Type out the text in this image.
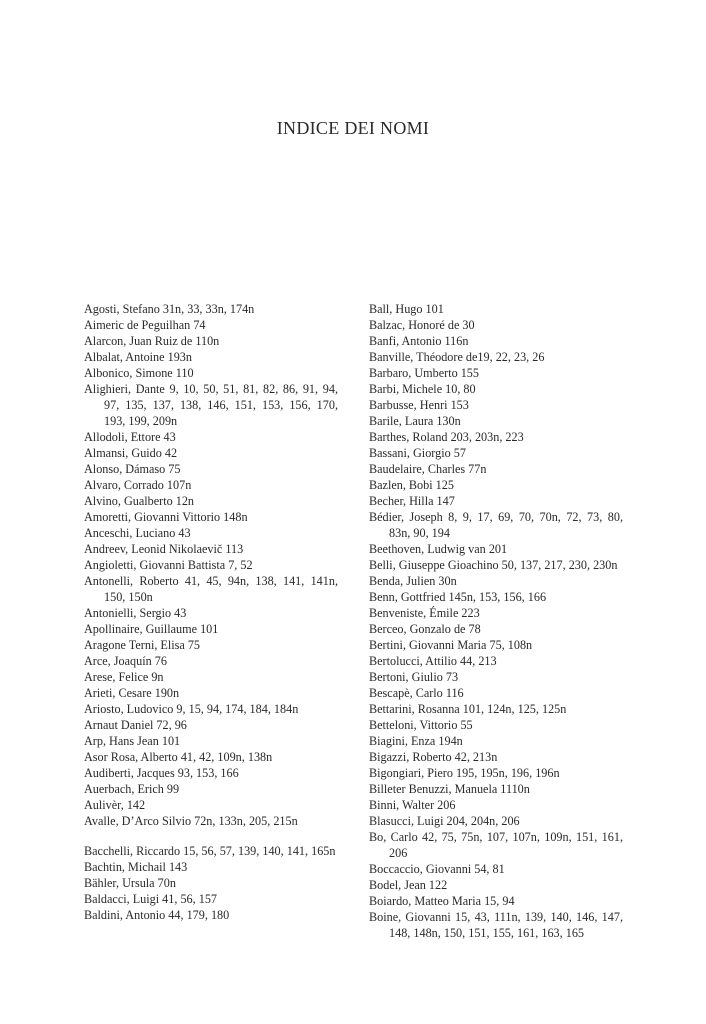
INDICE DEI NOMI

Agosti, Stefano 31n, 33, 33n, 174n

Aimeric de Peguilhan 74

Alarcon, Juan Ruiz de 110n

Albalat, Antoine 193n

Albonico, Simone 110

Alighieri, Dante 9, 10, 50, 51, 81, 82, 86, 91, 94, 97, 135, 137, 138, 146, 151, 153, 156, 170, 193, 199, 209n

Allodoli, Ettore 43

Almansi, Guido 42

Alonso, Dámaso 75

Alvaro, Corrado 107n

Alvino, Gualberto 12n

Amoretti, Giovanni Vittorio 148n

Anceschi, Luciano 43

Andreev, Leonid Nikolaevič 113

Angioletti, Giovanni Battista 7, 52

Antonelli, Roberto 41, 45, 94n, 138, 141, 141n, 150, 150n

Antonielli, Sergio 43

Apollinaire, Guillaume 101

Aragone Terni, Elisa 75

Arce, Joaquín 76

Arese, Felice 9n

Arieti, Cesare 190n

Ariosto, Ludovico 9, 15, 94, 174, 184, 184n

Arnaut Daniel 72, 96

Arp, Hans Jean 101

Asor Rosa, Alberto 41, 42, 109n, 138n

Audiberti, Jacques 93, 153, 166

Auerbach, Erich 99

Aulivèr, 142

Avalle, D’Arco Silvio 72n, 133n, 205, 215n

Bacchelli, Riccardo 15, 56, 57, 139, 140, 141, 165n

Bachtin, Michail 143

Bähler, Ursula 70n

Baldacci, Luigi 41, 56, 157

Baldini, Antonio 44, 179, 180

Ball, Hugo 101

Balzac, Honoré de 30

Banfi, Antonio 116n

Banville, Théodore de19, 22, 23, 26

Barbaro, Umberto 155

Barbi, Michele 10, 80

Barbusse, Henri 153

Barile, Laura 130n

Barthes, Roland 203, 203n, 223

Bassani, Giorgio 57

Baudelaire, Charles 77n

Bazlen, Bobi 125

Becher, Hilla 147

Bédier, Joseph 8, 9, 17, 69, 70, 70n, 72, 73, 80, 83n, 90, 194

Beethoven, Ludwig van 201

Belli, Giuseppe Gioachino 50, 137, 217, 230, 230n

Benda, Julien 30n

Benn, Gottfried 145n, 153, 156, 166

Benveniste, Émile 223

Berceo, Gonzalo de 78

Bertini, Giovanni Maria 75, 108n

Bertolucci, Attilio 44, 213

Bertoni, Giulio 73

Bescapè, Carlo 116

Bettarini, Rosanna 101, 124n, 125, 125n

Betteloni, Vittorio 55

Biagini, Enza 194n

Bigazzi, Roberto 42, 213n

Bigongiari, Piero 195, 195n, 196, 196n

Billeter Benuzzi, Manuela 1110n

Binni, Walter 206

Blasucci, Luigi 204, 204n, 206

Bo, Carlo 42, 75, 75n, 107, 107n, 109n, 151, 161, 206

Boccaccio, Giovanni 54, 81

Bodel, Jean 122

Boiardo, Matteo Maria 15, 94

Boine, Giovanni 15, 43, 111n, 139, 140, 146, 147, 148, 148n, 150, 151, 155, 161, 163, 165
